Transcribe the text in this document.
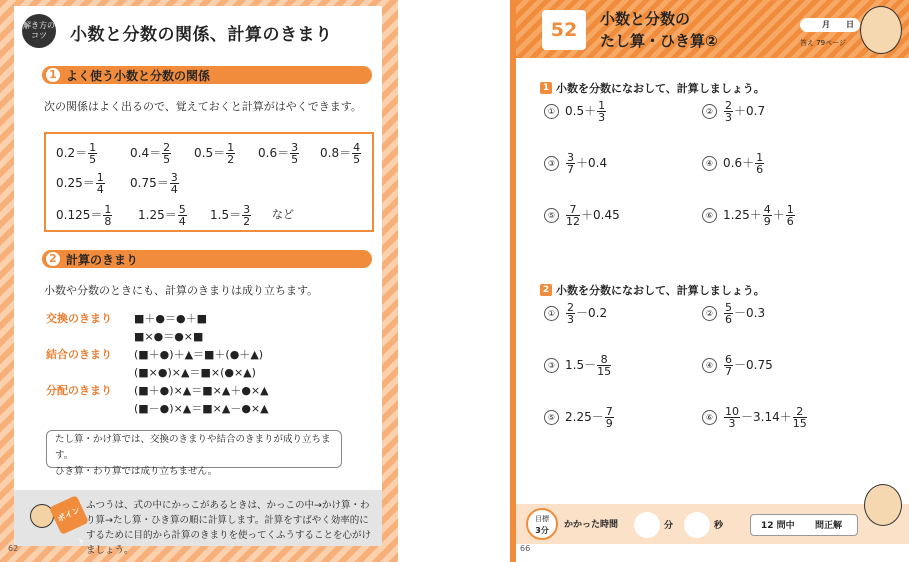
解き方のコツ	小数と分数の関係、計算のきまり
1 よく使う小数と分数の関係
次の関係はよく出るので、覚えておくと計算がはやくできます。
$0.2= \frac{1}{5}$	$0.4= \frac{2}{5} 0.5= \frac{1}{2} 0.6= \frac{3}{5} 0.8= \frac{4}{5}$
$0.25= \frac{1}{4} 0.75= \frac{3}{4}$
$0.125= \frac{1}{8} 1.25= \frac{5}{4} 1.5= \frac{3}{2}$ など
2 計算のきまり
小数や分数のときにも、計算のきまりは成り立ちます。
交換のきまり ■＋●＝●＋■
■×●＝●×■
結合のきまり (■＋●)＋▲＝■＋(●＋▲)
(■×●)×▲＝■×(●×▲)
分配のきまり (■＋●)×▲＝■×▲＋●×▲
(■－●)×▲＝■×▲－●×▲
たし算・かけ算では、交換のきまりや結合のきまりが成り立ちます。
ひき算・わり算では成り立ちません。
ポイント
ふつうは、式の中にかっこがあるときは、かっこの中→かけ算・わり算→たし算・ひき算の順に計算します。計算をすばやく効率的にするために目的から計算のきまりを使ってくふうすることを心がけましょう。
62
52	小数と分数の
たし算・ひき算②
月 日
答え 79ページ
1 小数を分数になおして、計算しましょう。
① $0.5+ \frac{1}{3}$	② $\frac{2}{3} +0.7$
③ $\frac{3}{7} +0.4$	④ $0.6+ \frac{1}{6}$
⑤ $\frac{7}{12} +0.45$	⑥ $1.25+ \frac{4}{9} + \frac{1}{6}$
2 小数を分数になおして、計算しましょう。
① $\frac{2}{3} -0.2$	② $\frac{5}{6} -0.3$
③ $1.5- \frac{8}{15}$	④ $\frac{6}{7} -0.75$
⑤ $2.25- \frac{7}{9}$	⑥ $\frac{10}{3} -3.14+ \frac{2}{15}$
目標
3分
かかった時間	分	秒	12 問中 問正解
66
